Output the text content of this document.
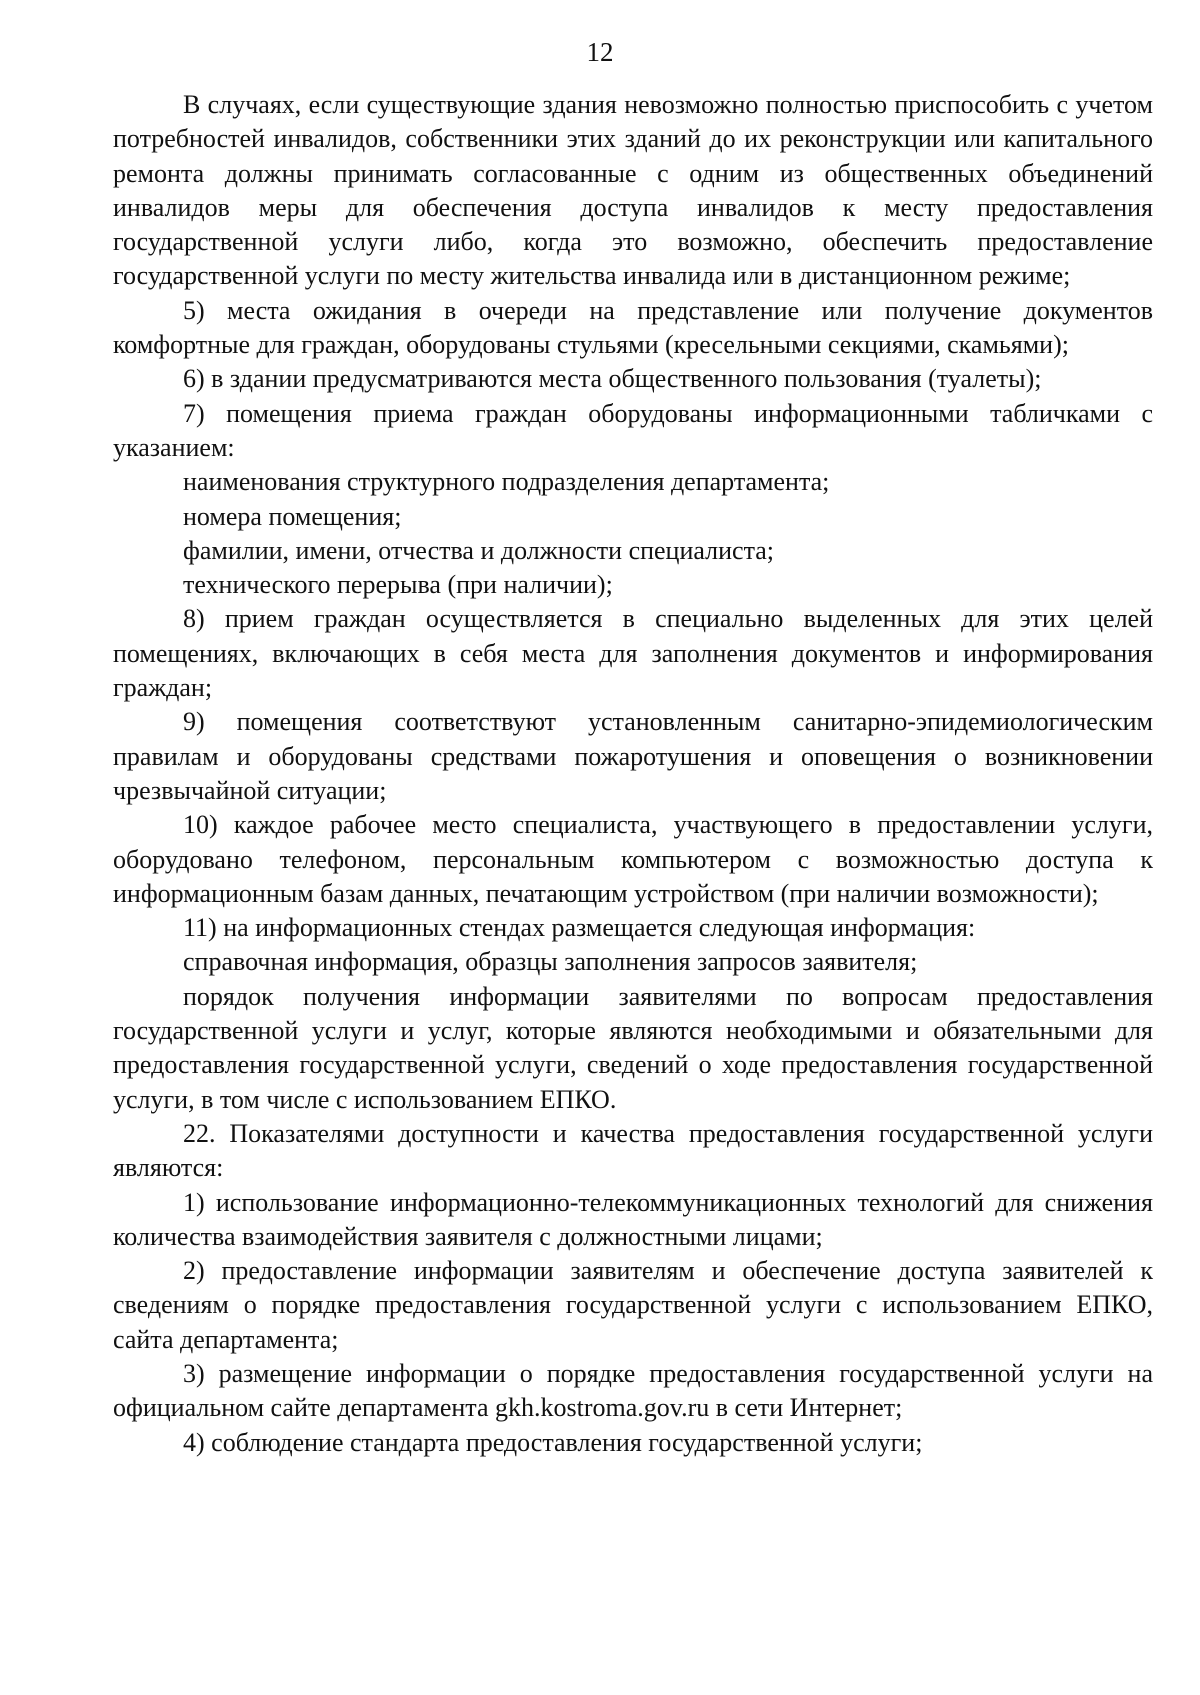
12

В случаях, если существующие здания невозможно полностью приспособить с учетом потребностей инвалидов, собственники этих зданий до их реконструкции или капитального ремонта должны принимать согласованные с одним из общественных объединений инвалидов меры для обеспечения доступа инвалидов к месту предоставления государственной услуги либо, когда это возможно, обеспечить предоставление государственной услуги по месту жительства инвалида или в дистанционном режиме;

5) места ожидания в очереди на представление или получение документов комфортные для граждан, оборудованы стульями (кресельными секциями, скамьями);

6) в здании предусматриваются места общественного пользования (туалеты);

7) помещения приема граждан оборудованы информационными табличками с указанием:

наименования структурного подразделения департамента;

номера помещения;

фамилии, имени, отчества и должности специалиста;

технического перерыва (при наличии);

8) прием граждан осуществляется в специально выделенных для этих целей помещениях, включающих в себя места для заполнения документов и информирования граждан;

9) помещения соответствуют установленным санитарно-эпидемиологическим правилам и оборудованы средствами пожаротушения и оповещения о возникновении чрезвычайной ситуации;

10) каждое рабочее место специалиста, участвующего в предоставлении услуги, оборудовано телефоном, персональным компьютером с возможностью доступа к информационным базам данных, печатающим устройством (при наличии возможности);

11) на информационных стендах размещается следующая информация:

справочная информация, образцы заполнения запросов заявителя;

порядок получения информации заявителями по вопросам предоставления государственной услуги и услуг, которые являются необходимыми и обязательными для предоставления государственной услуги, сведений о ходе предоставления государственной услуги, в том числе с использованием ЕПКО.

22. Показателями доступности и качества предоставления государственной услуги являются:

1) использование информационно-телекоммуникационных технологий для снижения количества взаимодействия заявителя с должностными лицами;

2) предоставление информации заявителям и обеспечение доступа заявителей к сведениям о порядке предоставления государственной услуги с использованием ЕПКО, сайта департамента;

3) размещение информации о порядке предоставления государственной услуги на официальном сайте департамента gkh.kostroma.gov.ru в сети Интернет;

4) соблюдение стандарта предоставления государственной услуги;
